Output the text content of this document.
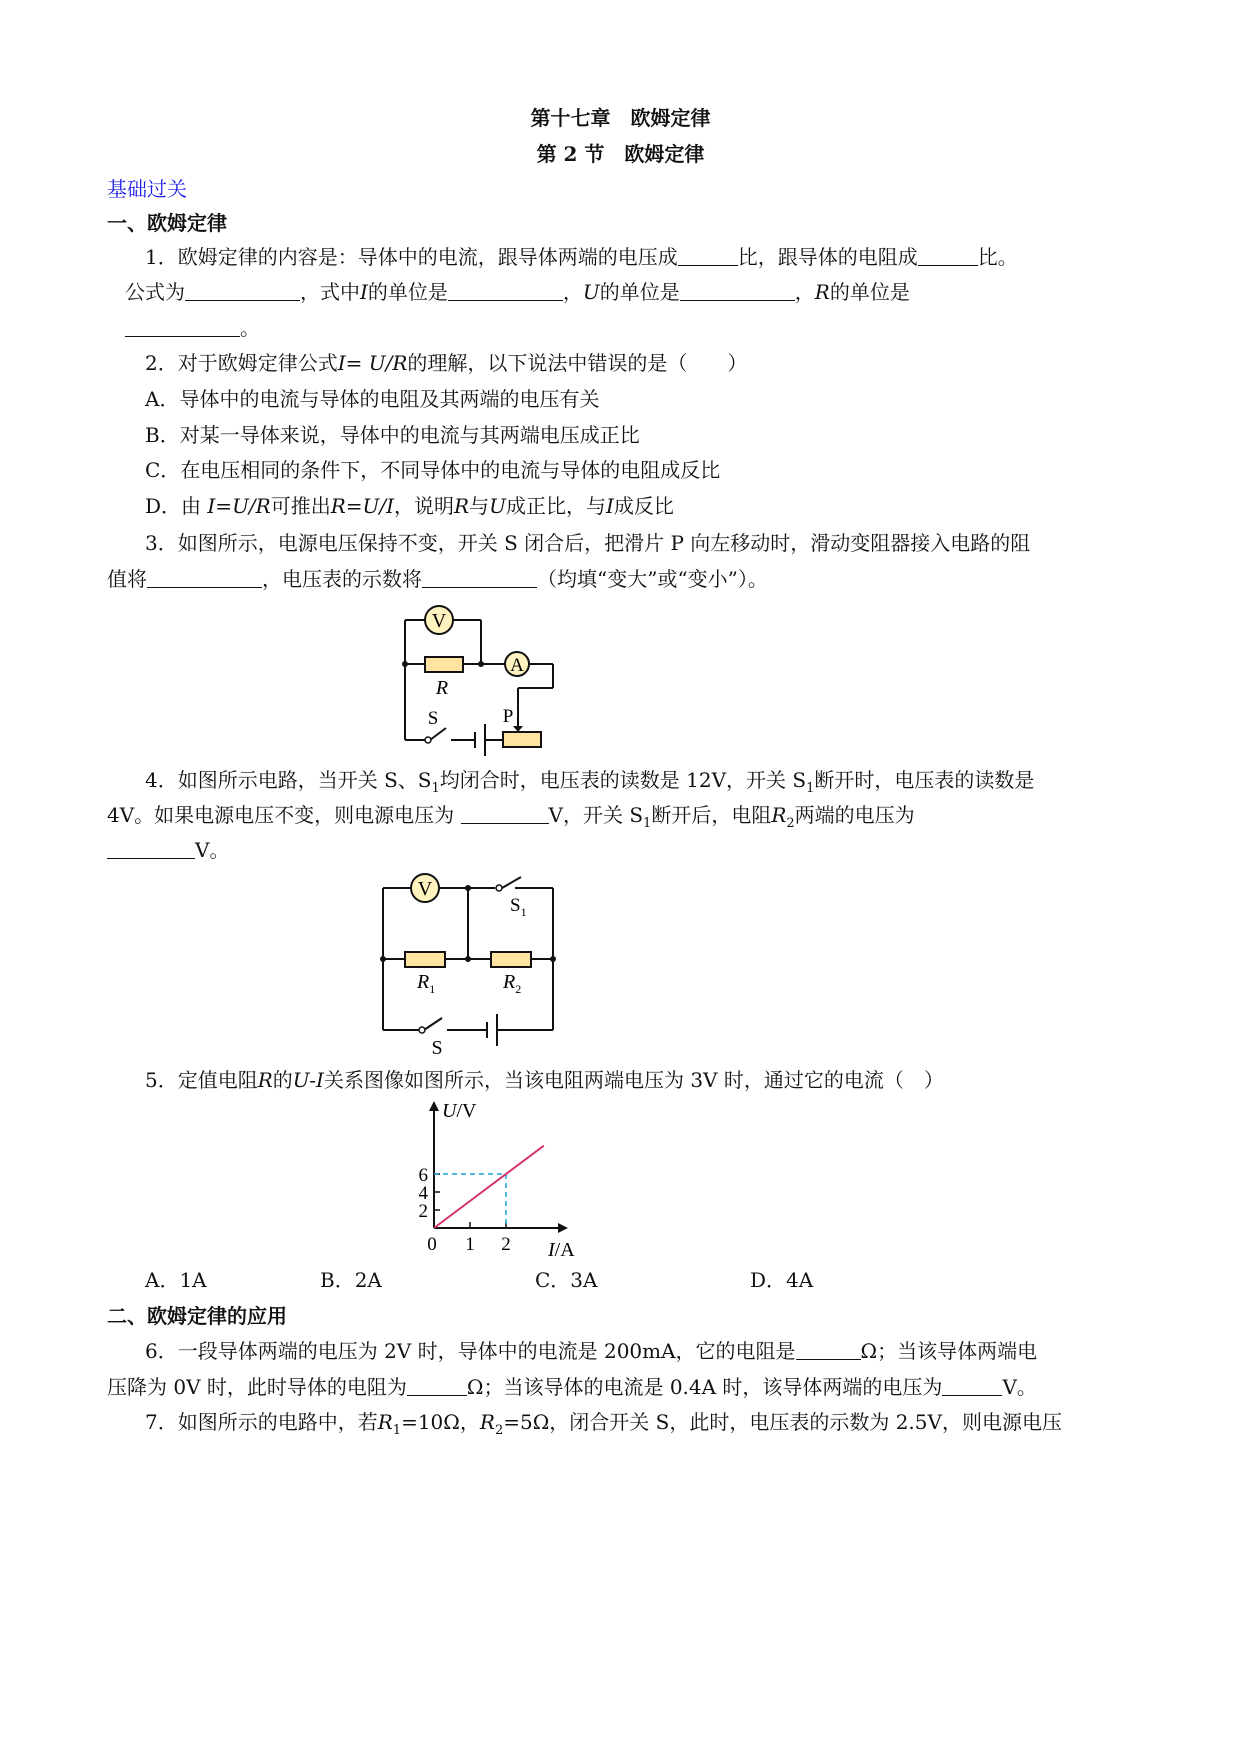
第十七章　欧姆定律
第 2 节　欧姆定律
基础过关
一、欧姆定律
1．欧姆定律的内容是：导体中的电流，跟导体两端的电压成	比，跟导体的电阻成	比。
公式为	，式中I的单位是	，U的单位是	，R的单位是
。
2．对于欧姆定律公式I= U/R的理解，以下说法中错误的是（　　）
A．导体中的电流与导体的电阻及其两端的电压有关
B．对某一导体来说，导体中的电流与其两端电压成正比
C．在电压相同的条件下，不同导体中的电流与导体的电阻成反比
D．由 I=U/R可推出R=U/I，说明R与U成正比，与I成反比
3．如图所示，电源电压保持不变，开关 S 闭合后，把滑片 P 向左移动时，滑动变阻器接入电路的阻
值将	，电压表的示数将	（均填“变大”或“变小”）。
V
A
R
S	P
4．如图所示电路，当开关 S、$S_1$均闭合时，电压表的读数是 12V，开关 $S_1$断开时，电压表的读数是
4V。如果电源电压不变，则电源电压为	V，开关 $S_1$断开后，电阻$R_2$两端的电压为
V。
V
$S_1$
$R_1$	$R_2$
S
5．定值电阻R的U-I关系图像如图所示，当该电阻两端电压为 3V 时，通过它的电流（　）
1 2
2
4
6
0
U/V
I/A
A．1A	B．2A	C．3A	D．4A
二、欧姆定律的应用
6．一段导体两端的电压为 2V 时，导体中的电流是 200mA，它的电阻是	Ω；当该导体两端电
压降为 0V 时，此时导体的电阻为	Ω；当该导体的电流是 0.4A 时，该导体两端的电压为	V。
7．如图所示的电路中，若$R_1=10\Omega$，$R_2=5\Omega$，闭合开关 S，此时，电压表的示数为 2.5V，则电源电压
